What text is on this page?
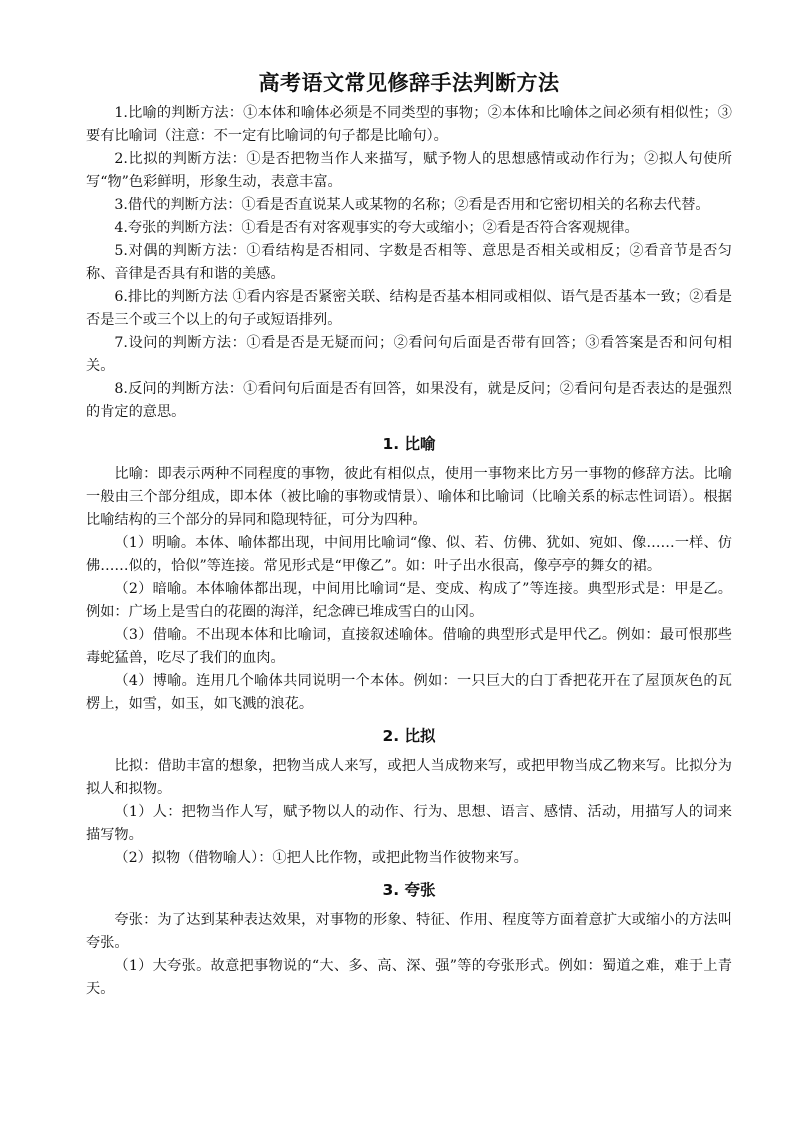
高考语文常见修辞手法判断方法

1.比喻的判断方法：①本体和喻体必须是不同类型的事物；②本体和比喻体之间必须有相似性；③要有比喻词（注意：不一定有比喻词的句子都是比喻句）。

2.比拟的判断方法：①是否把物当作人来描写，赋予物人的思想感情或动作行为；②拟人句使所写“物”色彩鲜明，形象生动，表意丰富。

3.借代的判断方法：①看是否直说某人或某物的名称；②看是否用和它密切相关的名称去代替。

4.夸张的判断方法：①看是否有对客观事实的夸大或缩小；②看是否符合客观规律。

5.对偶的判断方法：①看结构是否相同、字数是否相等、意思是否相关或相反；②看音节是否匀称、音律是否具有和谐的美感。

6.排比的判断方法 ①看内容是否紧密关联、结构是否基本相同或相似、语气是否基本一致；②看是否是三个或三个以上的句子或短语排列。

7.设问的判断方法：①看是否是无疑而问；②看问句后面是否带有回答；③看答案是否和问句相关。

8.反问的判断方法：①看问句后面是否有回答，如果没有，就是反问；②看问句是否表达的是强烈的肯定的意思。

1. 比喻

比喻：即表示两种不同程度的事物，彼此有相似点，使用一事物来比方另一事物的修辞方法。比喻一般由三个部分组成，即本体（被比喻的事物或情景）、喻体和比喻词（比喻关系的标志性词语）。根据比喻结构的三个部分的异同和隐现特征，可分为四种。

（1）明喻。本体、喻体都出现，中间用比喻词“像、似、若、仿佛、犹如、宛如、像……一样、仿佛……似的，恰似”等连接。常见形式是“甲像乙”。如：叶子出水很高，像亭亭的舞女的裙。

（2）暗喻。本体喻体都出现，中间用比喻词“是、变成、构成了”等连接。典型形式是：甲是乙。例如：广场上是雪白的花圈的海洋，纪念碑已堆成雪白的山冈。

（3）借喻。不出现本体和比喻词，直接叙述喻体。借喻的典型形式是甲代乙。例如：最可恨那些毒蛇猛兽，吃尽了我们的血肉。

（4）博喻。连用几个喻体共同说明一个本体。例如：一只巨大的白丁香把花开在了屋顶灰色的瓦楞上，如雪，如玉，如飞溅的浪花。

2. 比拟

比拟：借助丰富的想象，把物当成人来写，或把人当成物来写，或把甲物当成乙物来写。比拟分为拟人和拟物。

（1）人：把物当作人写，赋予物以人的动作、行为、思想、语言、感情、活动，用描写人的词来描写物。

（2）拟物（借物喻人）：①把人比作物，或把此物当作彼物来写。

3. 夸张

夸张：为了达到某种表达效果，对事物的形象、特征、作用、程度等方面着意扩大或缩小的方法叫夸张。

（1）大夸张。故意把事物说的“大、多、高、深、强”等的夸张形式。例如：蜀道之难，难于上青天。
